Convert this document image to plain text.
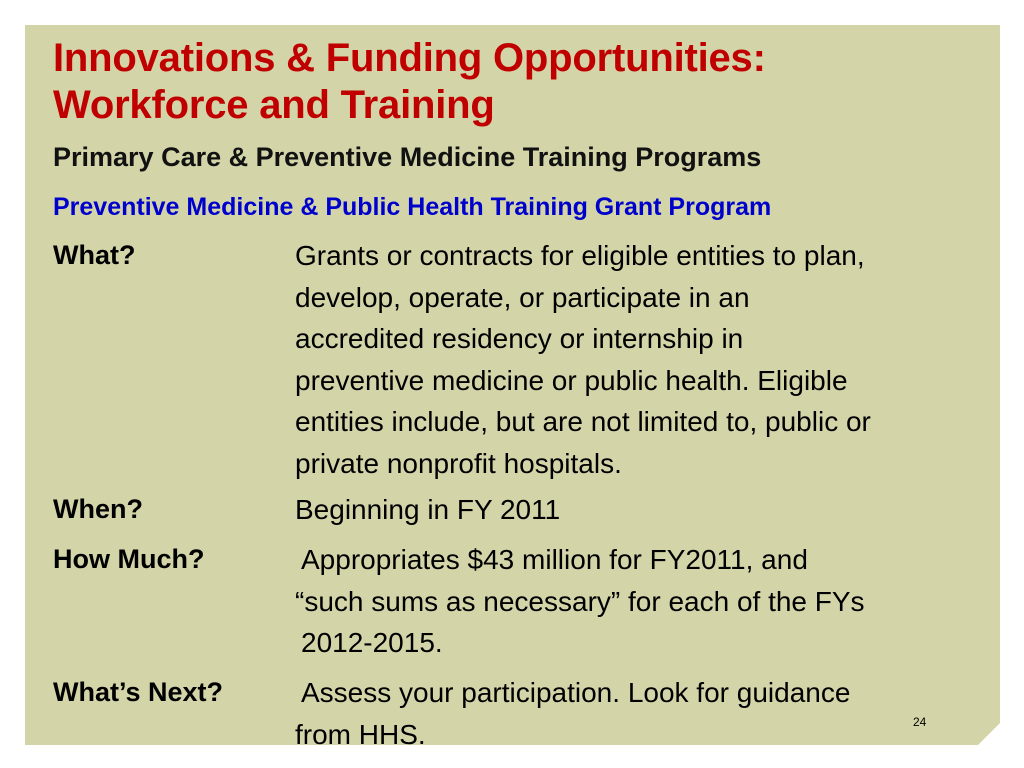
Innovations & Funding Opportunities:
Workforce and Training
Primary Care & Preventive Medicine Training Programs
Preventive Medicine & Public Health Training Grant Program
What?	Grants or contracts for eligible entities to plan,
develop, operate, or participate in an
accredited residency or internship in
preventive medicine or public health. Eligible
entities include, but are not limited to, public or
private nonprofit hospitals.
When?	Beginning in FY 2011
How Much?	Appropriates $43 million for FY2011, and
“such sums as necessary” for each of the FYs
2012-2015.
What’s Next?	Assess your participation. Look for guidance
from HHS.	24
